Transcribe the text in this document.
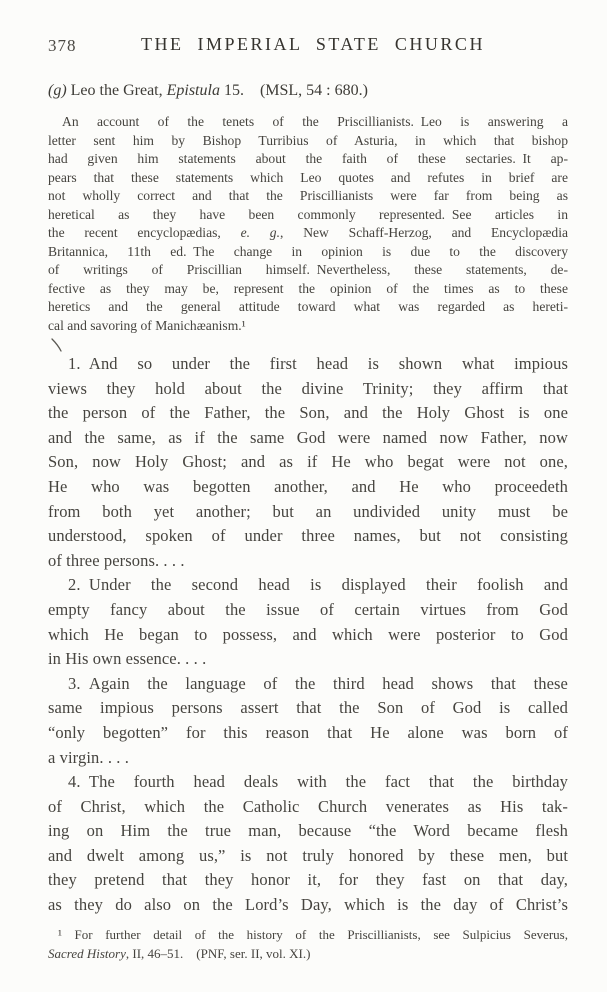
378	THE IMPERIAL STATE CHURCH
(g) Leo the Great, Epistula 15.  (MSL, 54 : 680.)
An account of the tenets of the Priscillianists. Leo is answering a
letter sent him by Bishop Turribius of Asturia, in which that bishop
had given him statements about the faith of these sectaries. It ap-
pears that these statements which Leo quotes and refutes in brief are
not wholly correct and that the Priscillianists were far from being as
heretical as they have been commonly represented. See articles in
the recent encyclopædias, e. g., New Schaff-Herzog, and Encyclopædia
Britannica, 11th ed. The change in opinion is due to the discovery
of writings of Priscillian himself. Nevertheless, these statements, de-
fective as they may be, represent the opinion of the times as to these
heretics and the general attitude toward what was regarded as hereti-
cal and savoring of Manichæanism.¹
1. And so under the first head is shown what impious
views they hold about the divine Trinity; they affirm that
the person of the Father, the Son, and the Holy Ghost is one
and the same, as if the same God were named now Father, now
Son, now Holy Ghost; and as if He who begat were not one,
He who was begotten another, and He who proceedeth
from both yet another; but an undivided unity must be
understood, spoken of under three names, but not consisting
of three persons. . . .
2. Under the second head is displayed their foolish and
empty fancy about the issue of certain virtues from God
which He began to possess, and which were posterior to God
in His own essence. . . .
3. Again the language of the third head shows that these
same impious persons assert that the Son of God is called
“only begotten” for this reason that He alone was born of
a virgin. . . .
4. The fourth head deals with the fact that the birthday
of Christ, which the Catholic Church venerates as His tak-
ing on Him the true man, because “the Word became flesh
and dwelt among us,” is not truly honored by these men, but
they pretend that they honor it, for they fast on that day,
as they do also on the Lord’s Day, which is the day of Christ’s
¹ For further detail of the history of the Priscillianists, see Sulpicius Severus,
Sacred History, II, 46–51.  (PNF, ser. II, vol. XI.)
